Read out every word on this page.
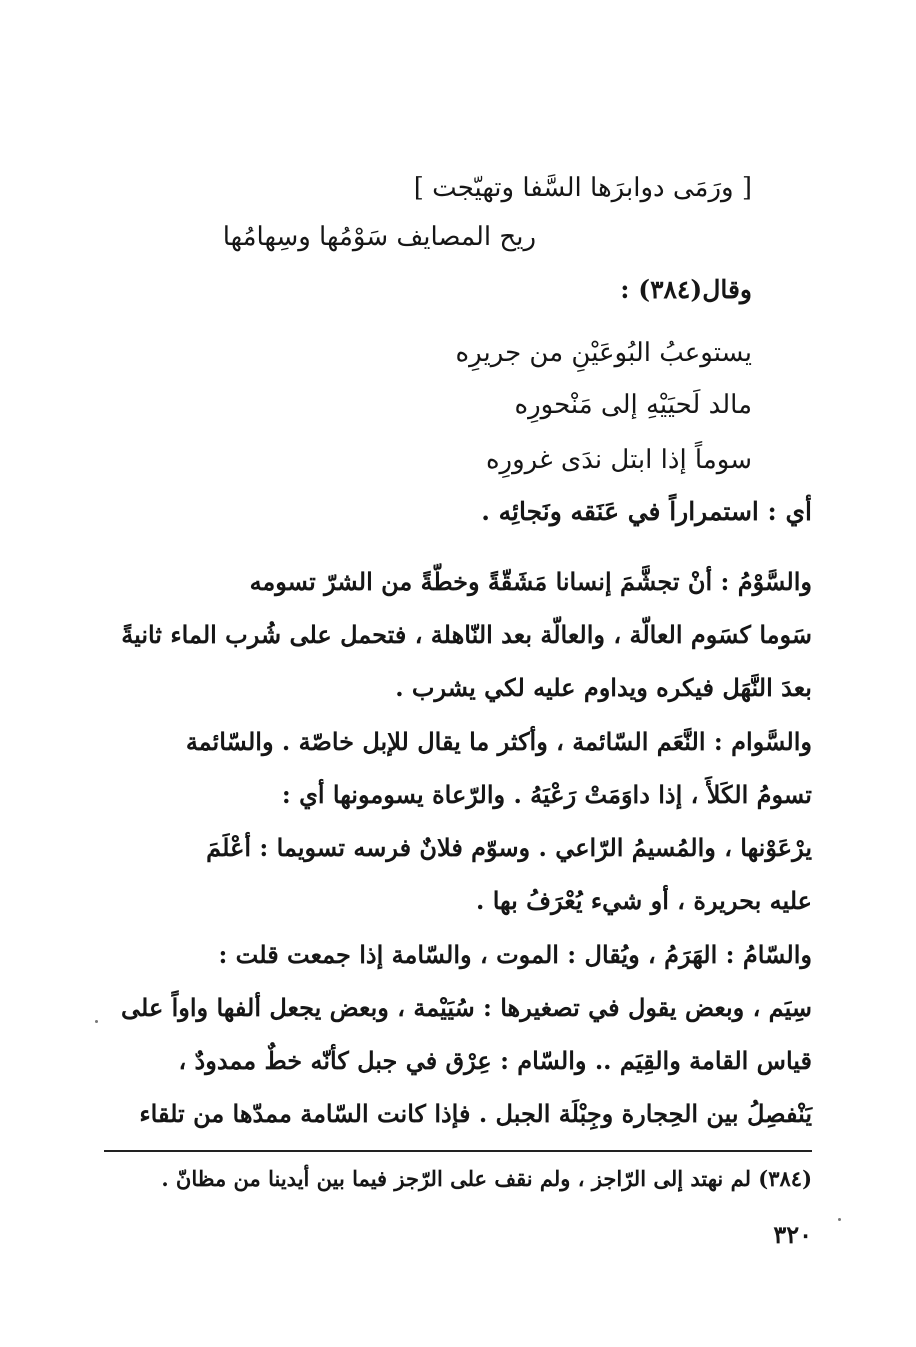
[ ورَمَى دوابرَها السَّفا وتهيّجت ]
ريح المصايف سَوْمُها وسِهامُها
وقال(٣٨٤) :
يستوعبُ البُوعَيْنِ من جريرِه
مالد لَحيَيْهِ إلى مَنْحورِه
سوماً إذا ابتل ندَى غرورِه
أي : استمراراً في عَنَقه ونَجائِه .
والسَّوْمُ : أنْ تجشَّمَ إنسانا مَشَقّةً وخطّةً من الشرّ تسومه
سَوما كسَوم العالّة ، والعالّة بعد النّاهلة ، فتحمل على شُرب الماء ثانيةً
بعدَ النَّهَل فيكره ويداوم عليه لكي يشرب .
والسَّوام : النَّعَم السّائمة ، وأكثر ما يقال للإبل خاصّة . والسّائمة
تسومُ الكَلأَ ، إذا داوَمَتْ رَعْيَهُ . والرّعاة يسومونها أي :
يرْعَوْنها ، والمُسيمُ الرّاعي . وسوّم فلانٌ فرسه تسويما : أعْلَمَ
عليه بحريرة ، أو شيء يُعْرَفُ بها .
والسّامُ : الهَرَمُ ، ويُقال : الموت ، والسّامة إذا جمعت قلت :
سِيَم ، وبعض يقول في تصغيرها : سُيَيْمة ، وبعض يجعل ألفها واواً على
قياس القامة والقِيَم .. والسّام : عِرْق في جبل كأنّه خطٌ ممدودٌ ،
يَنْفصِلُ بين الحِجارة وجِبْلَة الجبل . فإذا كانت السّامة ممدّها من تلقاء
(٣٨٤) لم نهتد إلى الرّاجز ، ولم نقف على الرّجز فيما بين أيدينا من مظانّ .
٣٢٠
